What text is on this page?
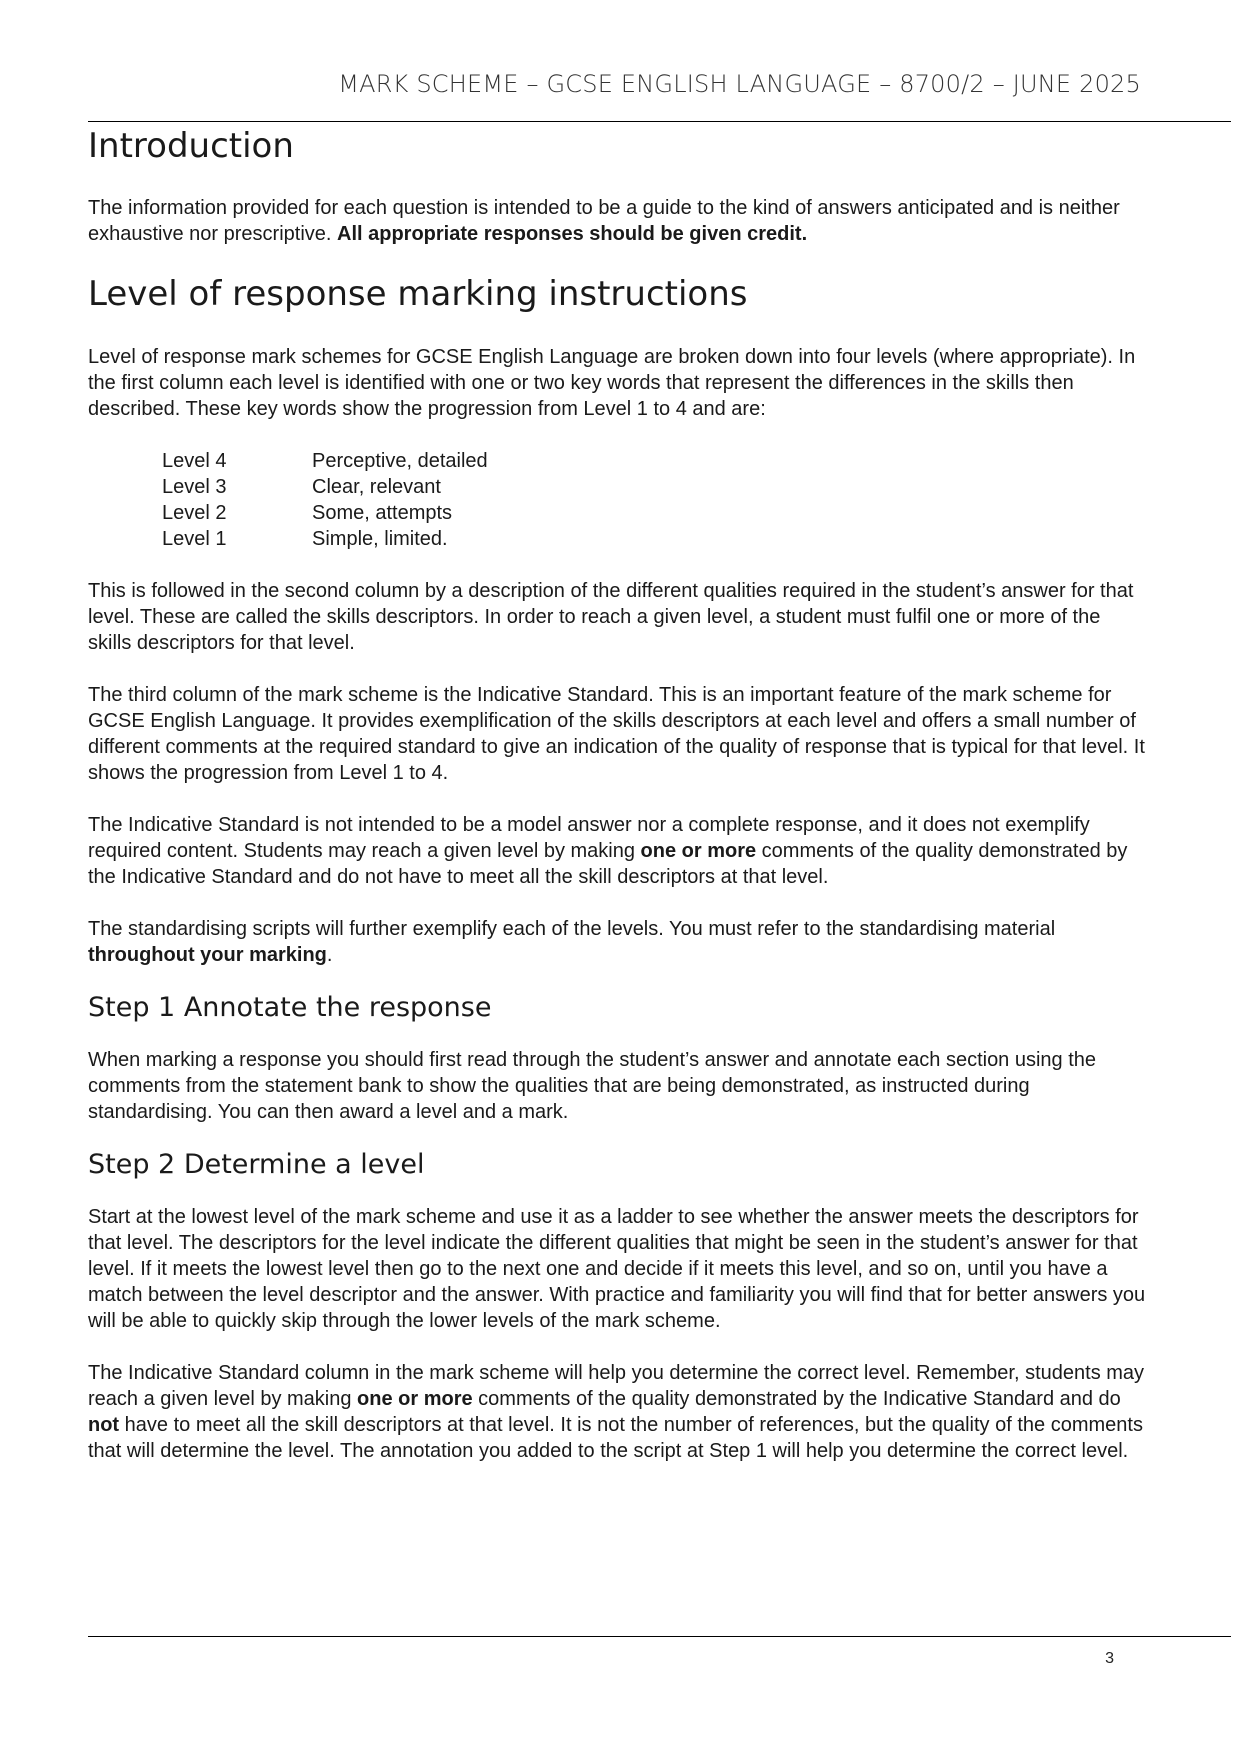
MARK SCHEME – GCSE ENGLISH LANGUAGE – 8700/2 – JUNE 2025
Introduction

The information provided for each question is intended to be a guide to the kind of answers anticipated and is neither exhaustive nor prescriptive. All appropriate responses should be given credit.

Level of response marking instructions

Level of response mark schemes for GCSE English Language are broken down into four levels (where appropriate). In the first column each level is identified with one or two key words that represent the differences in the skills then described. These key words show the progression from Level 1 to 4 and are:

Level 4	Perceptive, detailed
Level 3	Clear, relevant
Level 2	Some, attempts
Level 1	Simple, limited.

This is followed in the second column by a description of the different qualities required in the student’s answer for that level. These are called the skills descriptors. In order to reach a given level, a student must fulfil one or more of the skills descriptors for that level.

The third column of the mark scheme is the Indicative Standard. This is an important feature of the mark scheme for GCSE English Language. It provides exemplification of the skills descriptors at each level and offers a small number of different comments at the required standard to give an indication of the quality of response that is typical for that level. It shows the progression from Level 1 to 4.

The Indicative Standard is not intended to be a model answer nor a complete response, and it does not exemplify required content. Students may reach a given level by making one or more comments of the quality demonstrated by the Indicative Standard and do not have to meet all the skill descriptors at that level.

The standardising scripts will further exemplify each of the levels. You must refer to the standardising material throughout your marking.

Step 1 Annotate the response

When marking a response you should first read through the student’s answer and annotate each section using the comments from the statement bank to show the qualities that are being demonstrated, as instructed during standardising. You can then award a level and a mark.

Step 2 Determine a level

Start at the lowest level of the mark scheme and use it as a ladder to see whether the answer meets the descriptors for that level. The descriptors for the level indicate the different qualities that might be seen in the student’s answer for that level. If it meets the lowest level then go to the next one and decide if it meets this level, and so on, until you have a match between the level descriptor and the answer. With practice and familiarity you will find that for better answers you will be able to quickly skip through the lower levels of the mark scheme.

The Indicative Standard column in the mark scheme will help you determine the correct level. Remember, students may reach a given level by making one or more comments of the quality demonstrated by the Indicative Standard and do not have to meet all the skill descriptors at that level. It is not the number of references, but the quality of the comments that will determine the level. The annotation you added to the script at Step 1 will help you determine the correct level.

3
